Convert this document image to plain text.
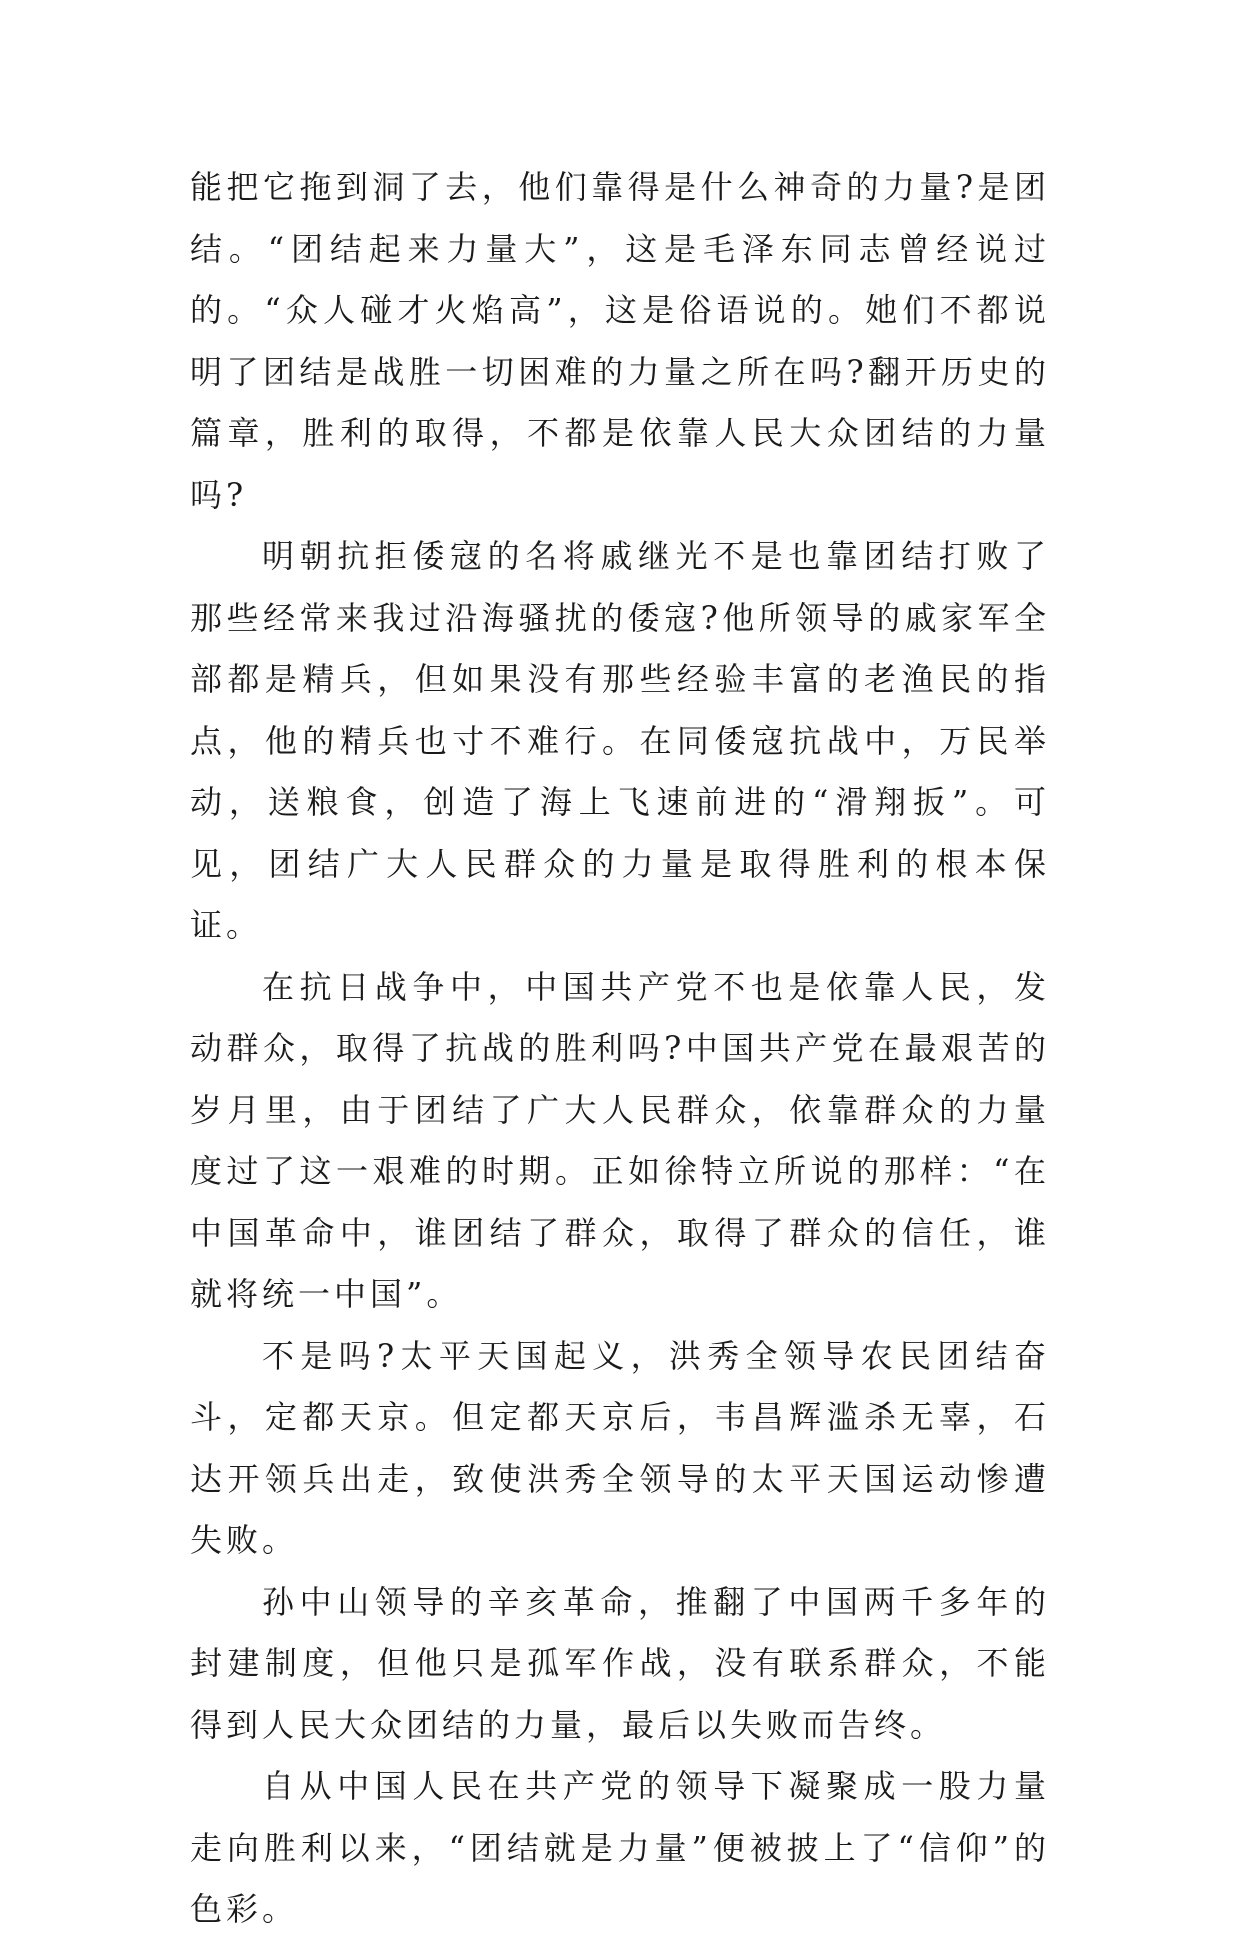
能把它拖到洞了去，他们靠得是什么神奇的力量?是团结。“团结起来力量大”，这是毛泽东同志曾经说过的。“众人碰才火焰高”，这是俗语说的。她们不都说明了团结是战胜一切困难的力量之所在吗?翻开历史的篇章，胜利的取得，不都是依靠人民大众团结的力量吗?

明朝抗拒倭寇的名将戚继光不是也靠团结打败了那些经常来我过沿海骚扰的倭寇?他所领导的戚家军全部都是精兵，但如果没有那些经验丰富的老渔民的指点，他的精兵也寸不难行。在同倭寇抗战中，万民举动，送粮食，创造了海上飞速前进的“滑翔扳”。可见，团结广大人民群众的力量是取得胜利的根本保证。

在抗日战争中，中国共产党不也是依靠人民，发动群众，取得了抗战的胜利吗?中国共产党在最艰苦的岁月里，由于团结了广大人民群众，依靠群众的力量度过了这一艰难的时期。正如徐特立所说的那样：“在中国革命中，谁团结了群众，取得了群众的信任，谁就将统一中国”。

不是吗?太平天国起义，洪秀全领导农民团结奋斗，定都天京。但定都天京后，韦昌辉滥杀无辜，石达开领兵出走，致使洪秀全领导的太平天国运动惨遭失败。

孙中山领导的辛亥革命，推翻了中国两千多年的封建制度，但他只是孤军作战，没有联系群众，不能得到人民大众团结的力量，最后以失败而告终。

自从中国人民在共产党的领导下凝聚成一股力量走向胜利以来，“团结就是力量”便被披上了“信仰”的色彩。
